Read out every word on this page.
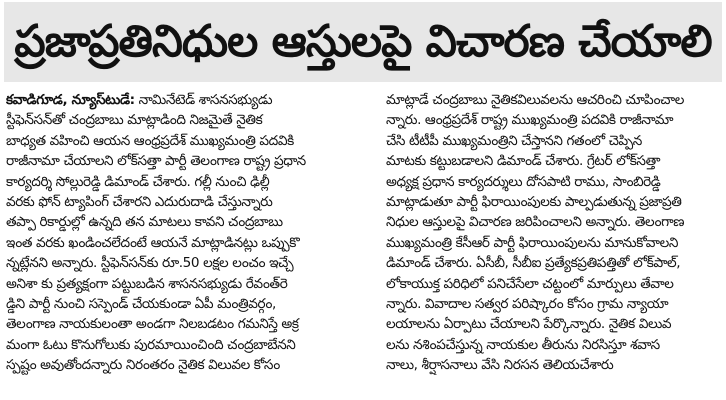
ప్రజాప్రతినిధుల ఆస్తులపై విచారణ చేయాలి
కవాడిగూడ, న్యూస్‌టుడే: నామినేటెడ్ శాసనసభ్యుడు
స్టీఫెన్‌సన్‌తో చంద్రబాబు మాట్లాడింది నిజమైతే నైతిక
బాధ్యత వహించి ఆయన ఆంధ్రప్రదేశ్ ముఖ్యమంత్రి పదవికి
రాజీనామా చేయాలని లోక్‌సత్తా పార్టీ తెలంగాణ రాష్ట్ర ప్రధాన
కార్యదర్శి సోల్లురెడ్డి డిమాండ్ చేశారు. గల్లీ నుంచి ఢిల్లీ
వరకు ఫోన్ ట్యాపింగ్ చేశారని ఎదురుదాడి చేస్తున్నారు
తప్పా రికార్డుల్లో ఉన్నది తన మాటలు కావని చంద్రబాబు
ఇంత వరకు ఖండించలేదంటే ఆయనే మాట్లాడినట్లు ఒప్పుకొ
న్నట్లేనని అన్నారు. స్టీఫెన్‌సన్‌కు రూ.50 లక్షల లంచం ఇచ్చే
అనిశా కు ప్రత్యక్షంగా పట్టుబడిన శాసనసభ్యుడు రేవంత్‌రె
డ్డిని పార్టీ నుంచి సస్పెండ్ చేయకుండా ఏపీ మంత్రివర్గం,
తెలంగాణ నాయకులంతా అండగా నిలబడటం గమనిస్తే అక్ర
మంగా ఓటు కొనుగోలుకు పురమాయించింది చంద్రబాబేనని
స్పష్టం అవుతోందన్నారు నిరంతరం నైతిక విలువల కోసం
మాట్లాడే చంద్రబాబు నైతికవిలువలను ఆచరించి చూపించాల
న్నారు. ఆంధ్రప్రదేశ్ రాష్ట్ర ముఖ్యమంత్రి పదవికి రాజీనామా
చేసి టీటీపీ ముఖ్యమంత్రిని చేస్తానని గతంలో చెప్పిన
మాటకు కట్టుబడాలని డిమాండ్ చేశారు. గ్రేటర్ లోక్‌సత్తా
అధ్యక్ష ప్రధాన కార్యదర్శులు దోసపాటి రాము, సాంబిరెడ్డి
మాట్లాడుతూ పార్టీ ఫిరాయింపులకు పాల్పడుతున్న ప్రజాప్రతి
నిధుల ఆస్తులపై విచారణ జరిపించాలని అన్నారు. తెలంగాణ
ముఖ్యమంత్రి కేసీఆర్ పార్టీ ఫిరాయింపులను మానుకోవాలని
డిమాండ్ చేశారు. ఏసీబీ, సీబీఐ ప్రత్యేకప్రతిపత్తితో లోక్‌పాల్,
లోకాయుక్త పరిధిలో పనిచేసేలా చట్టంలో మార్పులు తేవాల
న్నారు. వివాదాల సత్వర పరిష్కారం కోసం గ్రామ న్యాయా
లయాలను ఏర్పాటు చేయాలని పేర్కొన్నారు. నైతిక విలువ
లను నశింపచేస్తున్న నాయకుల తీరును నిరసిస్తూ శవాస
నాలు, శీర్షాసనాలు వేసి నిరసన తెలియచేశారు
